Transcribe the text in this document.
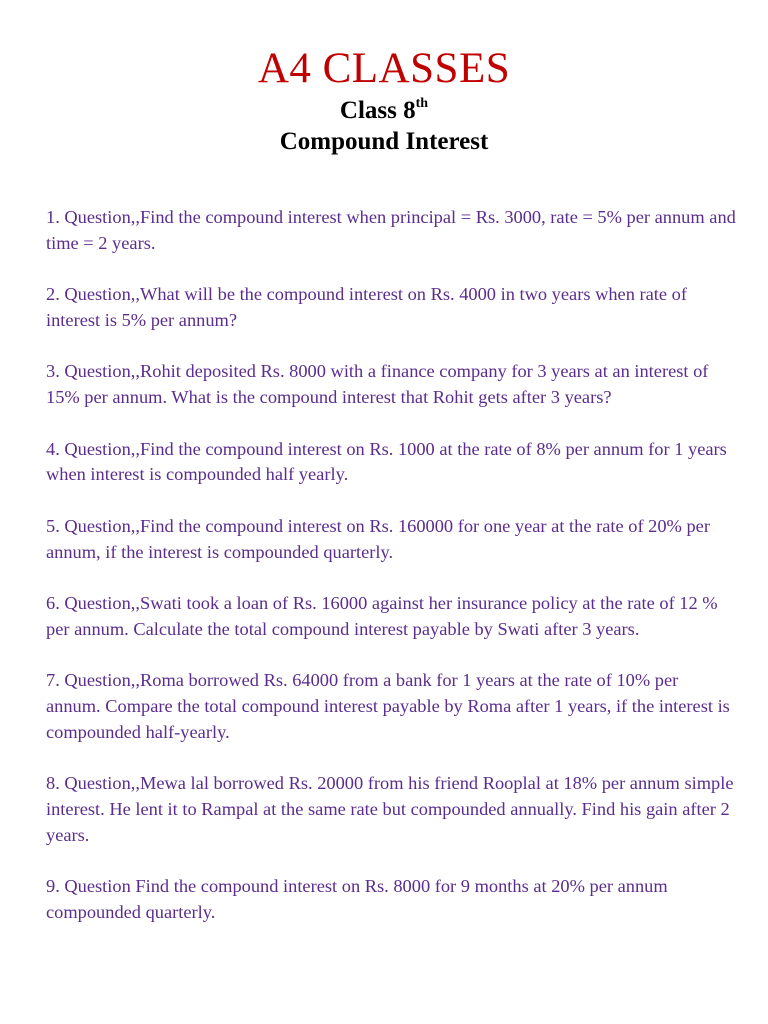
A4 CLASSES
Class 8th
Compound Interest

1. Question,,Find the compound interest when principal = Rs. 3000, rate = 5% per annum and time = 2 years.

2. Question,,What will be the compound interest on Rs. 4000 in two years when rate of interest is 5% per annum?

3. Question,,Rohit deposited Rs. 8000 with a finance company for 3 years at an interest of 15% per annum. What is the compound interest that Rohit gets after 3 years?

4. Question,,Find the compound interest on Rs. 1000 at the rate of 8% per annum for 1 years when interest is compounded half yearly.

5. Question,,Find the compound interest on Rs. 160000 for one year at the rate of 20% per annum, if the interest is compounded quarterly.

6. Question,,Swati took a loan of Rs. 16000 against her insurance policy at the rate of 12 % per annum. Calculate the total compound interest payable by Swati after 3 years.

7. Question,,Roma borrowed Rs. 64000 from a bank for 1 years at the rate of 10% per annum. Compare the total compound interest payable by Roma after 1 years, if the interest is compounded half-yearly.

8. Question,,Mewa lal borrowed Rs. 20000 from his friend Rooplal at 18% per annum simple interest. He lent it to Rampal at the same rate but compounded annually. Find his gain after 2 years.

9. Question Find the compound interest on Rs. 8000 for 9 months at 20% per annum compounded quarterly.
